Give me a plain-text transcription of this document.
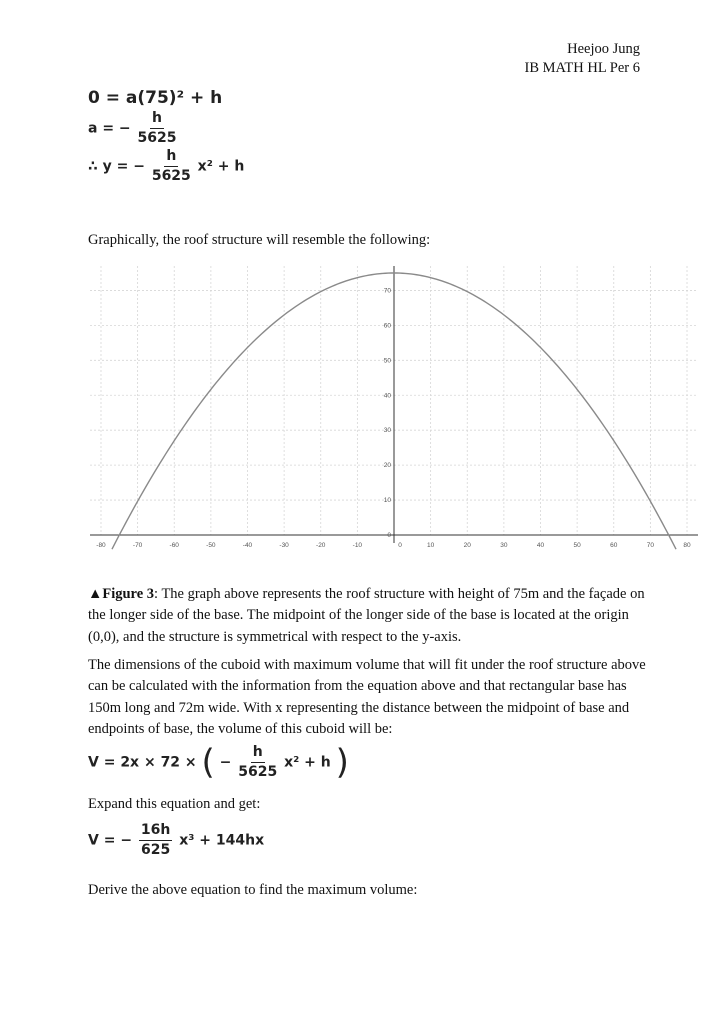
Heejoo Jung
IB MATH HL Per 6
0 = a(75)² + h
a = − $\frac{h}{5625}$
∴ y = − $\frac{h}{5625} x^2 + h$
Graphically, the roof structure will resemble the following:
-80	-70	-60	-50	-40	-30	-20	-10	0	10	20	30	40	50	60	70	80
0
10
20
30
40
50
60
70
▲Figure 3: The graph above represents the roof structure with height of 75m and the façade on the longer side of the base. The midpoint of the longer side of the base is located at the origin (0,0), and the structure is symmetrical with respect to the y-axis.
The dimensions of the cuboid with maximum volume that will fit under the roof structure above can be calculated with the information from the equation above and that rectangular base has 150m long and 72m wide. With x representing the distance between the midpoint of base and endpoints of base, the volume of this cuboid will be:
V = 2x × 72 × ( − $\frac{h}{5625} x^2 + h$ )
Expand this equation and get:
V = − $\frac{16h}{625} x^3 + 144hx$
Derive the above equation to find the maximum volume:
